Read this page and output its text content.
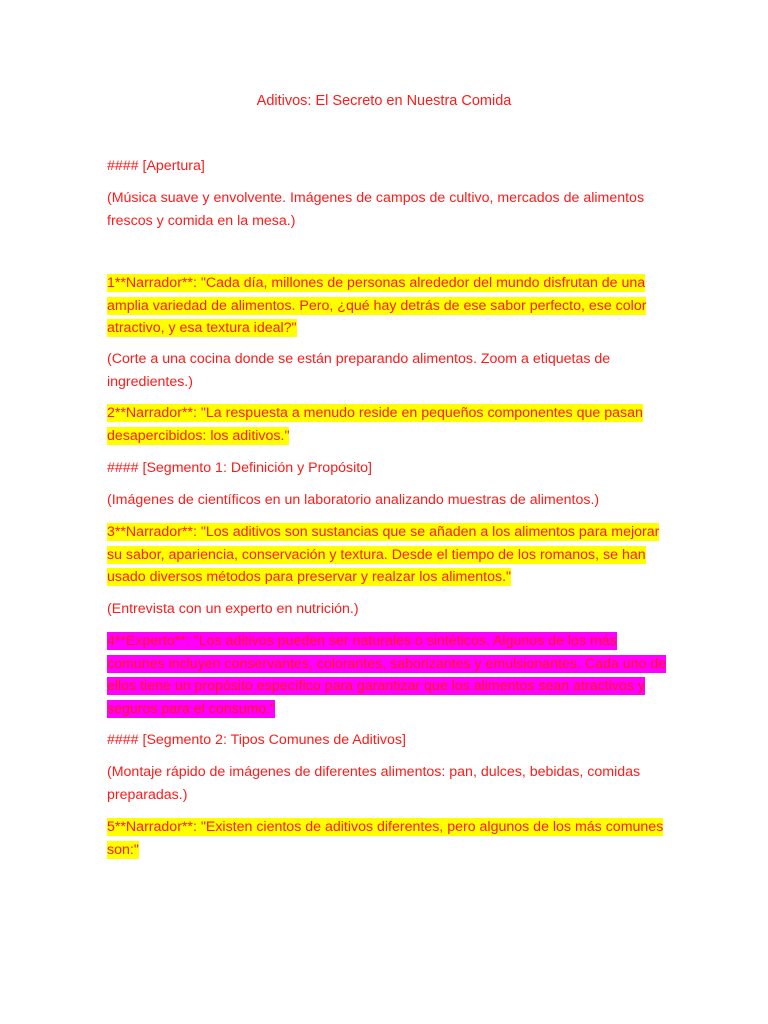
Aditivos: El Secreto en Nuestra Comida

#### [Apertura]

(Música suave y envolvente. Imágenes de campos de cultivo, mercados de alimentos frescos y comida en la mesa.)

1**Narrador**: "Cada día, millones de personas alrededor del mundo disfrutan de una amplia variedad de alimentos. Pero, ¿qué hay detrás de ese sabor perfecto, ese color atractivo, y esa textura ideal?"

(Corte a una cocina donde se están preparando alimentos. Zoom a etiquetas de ingredientes.)

2**Narrador**: "La respuesta a menudo reside en pequeños componentes que pasan desapercibidos: los aditivos."

#### [Segmento 1: Definición y Propósito]

(Imágenes de científicos en un laboratorio analizando muestras de alimentos.)

3**Narrador**: "Los aditivos son sustancias que se añaden a los alimentos para mejorar su sabor, apariencia, conservación y textura. Desde el tiempo de los romanos, se han usado diversos métodos para preservar y realzar los alimentos."

(Entrevista con un experto en nutrición.)

4**Experto**: "Los aditivos pueden ser naturales o sintéticos. Algunos de los más comunes incluyen conservantes, colorantes, saborizantes y emulsionantes. Cada uno de ellos tiene un propósito específico para garantizar que los alimentos sean atractivos y seguros para el consumo."

#### [Segmento 2: Tipos Comunes de Aditivos]

(Montaje rápido de imágenes de diferentes alimentos: pan, dulces, bebidas, comidas preparadas.)

5**Narrador**: "Existen cientos de aditivos diferentes, pero algunos de los más comunes son:"
